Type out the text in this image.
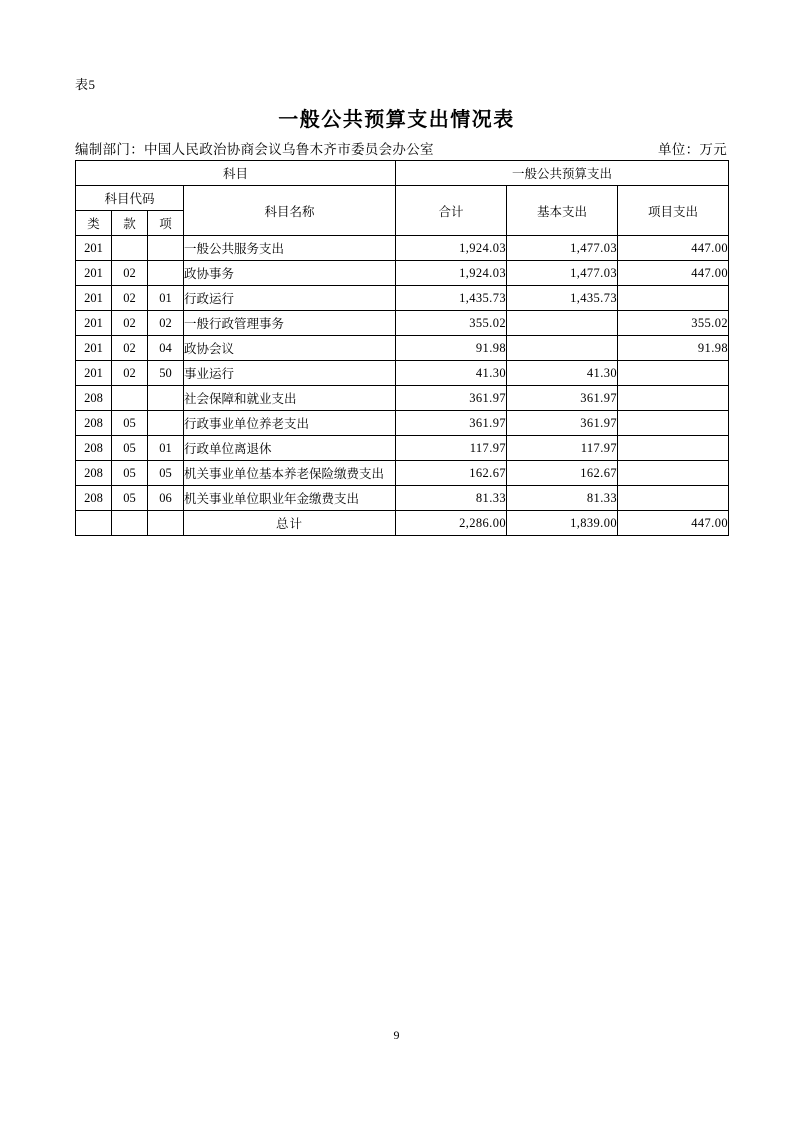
表5
一般公共预算支出情况表
编制部门：中国人民政治协商会议乌鲁木齐市委员会办公室	单位：万元
科目				一般公共预算支出		
科目代码			科目名称	合计	基本支出	项目支出
类	款	项				
201			一般公共服务支出	1,924.03	1,477.03	447.00
201	02		政协事务	1,924.03	1,477.03	447.00
201	02	01	行政运行	1,435.73	1,435.73	
201	02	02	一般行政管理事务	355.02		355.02
201	02	04	政协会议	91.98		91.98
201	02	50	事业运行	41.30	41.30	
208			社会保障和就业支出	361.97	361.97	
208	05		行政事业单位养老支出	361.97	361.97	
208	05	01	行政单位离退休	117.97	117.97	
208	05	05	机关事业单位基本养老保险缴费支出	162.67	162.67	
208	05	06	机关事业单位职业年金缴费支出	81.33	81.33	
			总计	2,286.00	1,839.00	447.00
9
